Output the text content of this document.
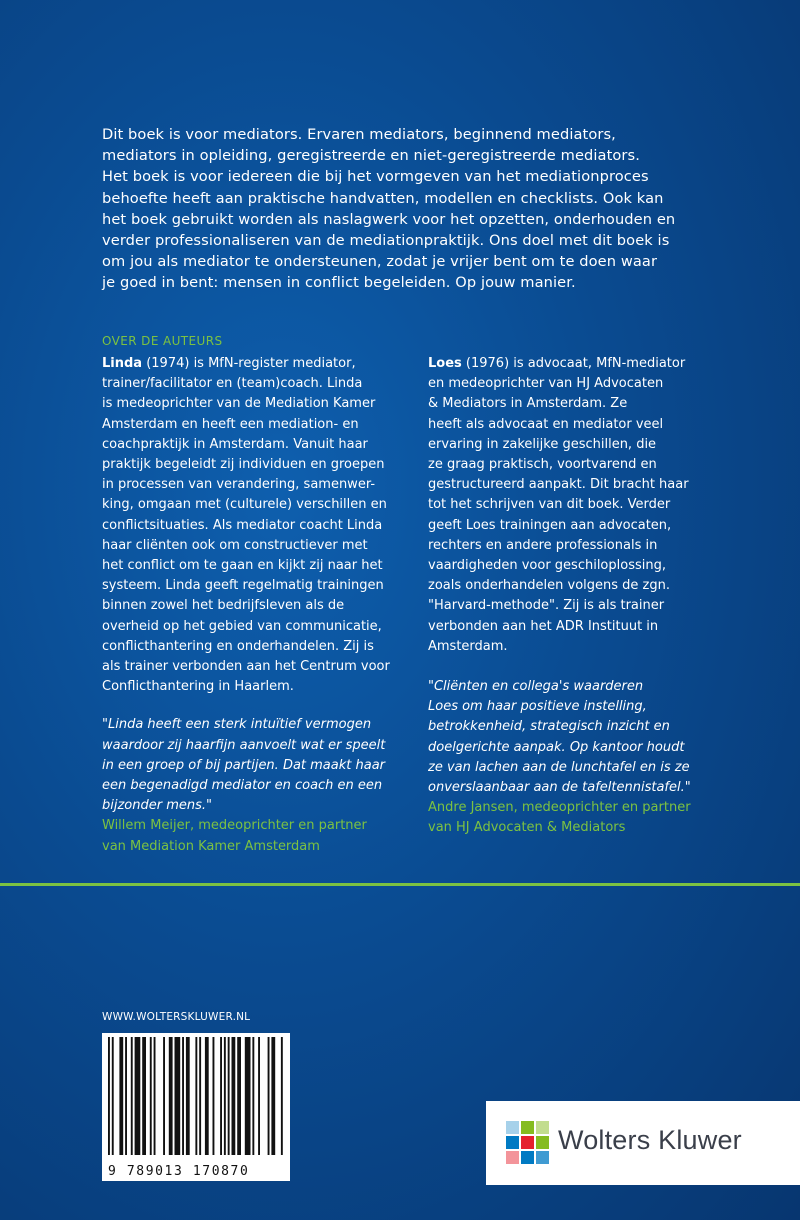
Dit boek is voor mediators. Ervaren mediators, beginnend mediators,
mediators in opleiding, geregistreerde en niet-geregistreerde mediators.
Het boek is voor iedereen die bij het vormgeven van het mediationproces
behoefte heeft aan praktische handvatten, modellen en checklists. Ook kan
het boek gebruikt worden als naslagwerk voor het opzetten, onderhouden en
verder professionaliseren van de mediationpraktijk. Ons doel met dit boek is
om jou als mediator te ondersteunen, zodat je vrijer bent om te doen waar
je goed in bent: mensen in conflict begeleiden. Op jouw manier.
OVER DE AUTEURS

Linda (1974) is MfN-register mediator,
trainer/facilitator en (team)coach. Linda
is medeoprichter van de Mediation Kamer
Amsterdam en heeft een mediation- en
coachpraktijk in Amsterdam. Vanuit haar
praktijk begeleidt zij individuen en groepen
in processen van verandering, samenwer-
king, omgaan met (culturele) verschillen en
conflictsituaties. Als mediator coacht Linda
haar cliënten ook om constructiever met
het conflict om te gaan en kijkt zij naar het
systeem. Linda geeft regelmatig trainingen
binnen zowel het bedrijfsleven als de
overheid op het gebied van communicatie,
conflicthantering en onderhandelen. Zij is
als trainer verbonden aan het Centrum voor
Conflicthantering in Haarlem.

"Linda heeft een sterk intuïtief vermogen
waardoor zij haarfijn aanvoelt wat er speelt
in een groep of bij partijen. Dat maakt haar
een begenadigd mediator en coach en een
bijzonder mens."

Willem Meijer, medeoprichter en partner
van Mediation Kamer Amsterdam

Loes (1976) is advocaat, MfN-mediator
en medeoprichter van HJ Advocaten
& Mediators in Amsterdam. Ze
heeft als advocaat en mediator veel
ervaring in zakelijke geschillen, die
ze graag praktisch, voortvarend en
gestructureerd aanpakt. Dit bracht haar
tot het schrijven van dit boek. Verder
geeft Loes trainingen aan advocaten,
rechters en andere professionals in
vaardigheden voor geschiloplossing,
zoals onderhandelen volgens de zgn.
"Harvard-methode". Zij is als trainer
verbonden aan het ADR Instituut in
Amsterdam.

"Cliënten en collega's waarderen
Loes om haar positieve instelling,
betrokkenheid, strategisch inzicht en
doelgerichte aanpak. Op kantoor houdt
ze van lachen aan de lunchtafel en is ze
onverslaanbaar aan de tafeltennistafel."

Andre Jansen, medeoprichter en partner
van HJ Advocaten & Mediators

WWW.WOLTERSKLUWER.NL
9 789013 170870
Wolters Kluwer
